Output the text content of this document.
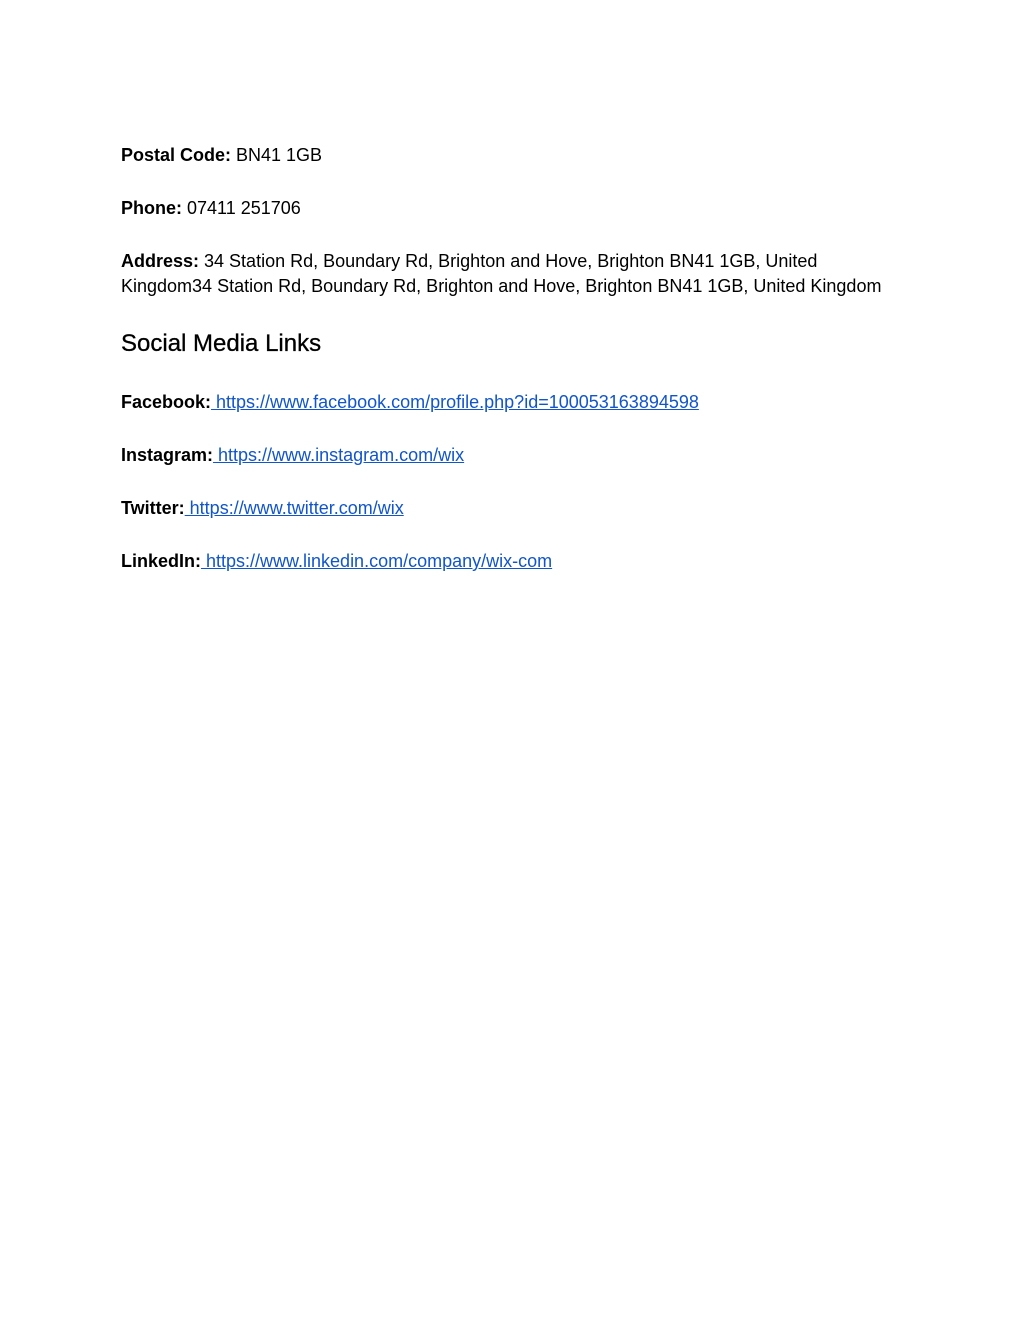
Postal Code: BN41 1GB

Phone: 07411 251706

Address: 34 Station Rd, Boundary Rd, Brighton and Hove, Brighton BN41 1GB, United Kingdom34 Station Rd, Boundary Rd, Brighton and Hove, Brighton BN41 1GB, United Kingdom

Social Media Links

Facebook: https://www.facebook.com/profile.php?id=100053163894598

Instagram: https://www.instagram.com/wix

Twitter: https://www.twitter.com/wix

LinkedIn: https://www.linkedin.com/company/wix-com
